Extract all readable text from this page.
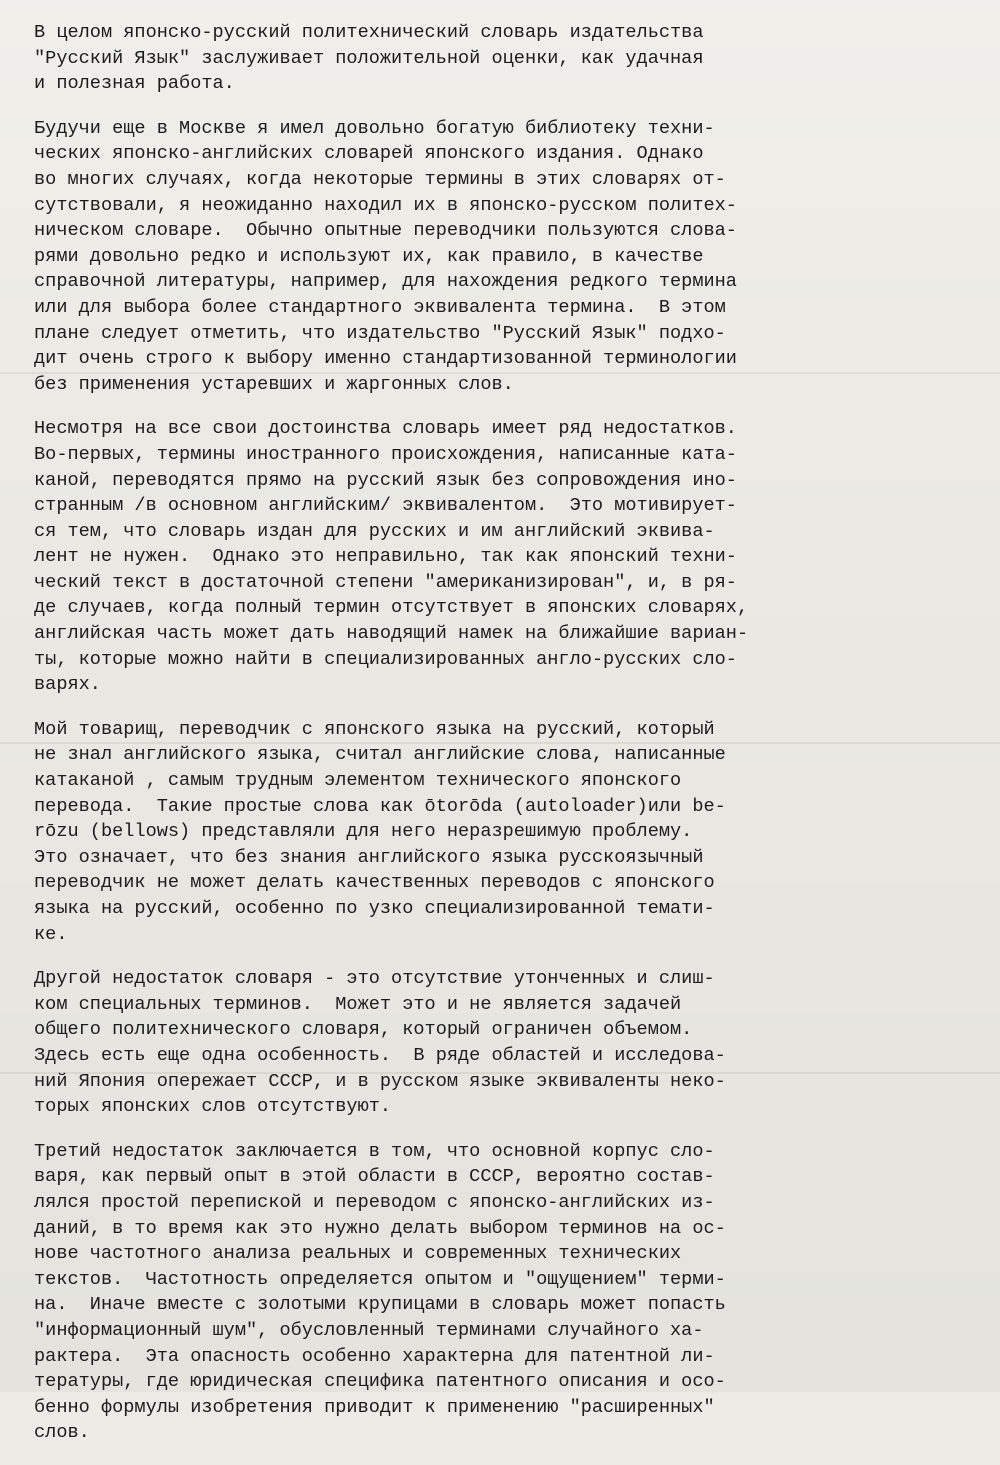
В целом японско-русский политехнический словарь издательства
"Русский Язык" заслуживает положительной оценки, как удачная
и полезная работа.
Будучи еще в Москве я имел довольно богатую библиотеку техни-
ческих японско-английских словарей японского издания. Однако
во многих случаях, когда некоторые термины в этих словарях от-
сутствовали, я неожиданно находил их в японско-русском политех-
ническом словаре.  Обычно опытные переводчики пользуются слова-
рями довольно редко и используют их, как правило, в качестве
справочной литературы, например, для нахождения редкого термина
или для выбора более стандартного эквивалента термина.  В этом
плане следует отметить, что издательство "Русский Язык" подхо-
дит очень строго к выбору именно стандартизованной терминологии
без применения устаревших и жаргонных слов.
Несмотря на все свои достоинства словарь имеет ряд недостатков.
Во-первых, термины иностранного происхождения, написанные ката-
каной, переводятся прямо на русский язык без сопровождения ино-
странным /в основном английским/ эквивалентом.  Это мотивирует-
ся тем, что словарь издан для русских и им английский эквива-
лент не нужен.  Однако это неправильно, так как японский техни-
ческий текст в достаточной степени "американизирован", и, в ря-
де случаев, когда полный термин отсутствует в японских словарях,
английская часть может дать наводящий намек на ближайшие вариан-
ты, которые можно найти в специализированных англо-русских сло-
варях.
Мой товарищ, переводчик с японского языка на русский, который
не знал английского языка, считал английские слова, написанные
катаканой , самым трудным элементом технического японского
перевода.  Такие простые слова как ōtorōda (autoloader)или be-
rōzu (bellows) представляли для него неразрешимую проблему.
Это означает, что без знания английского языка русскоязычный
переводчик не может делать качественных переводов с японского
языка на русский, особенно по узко специализированной темати-
ке.
Другой недостаток словаря - это отсутствие утонченных и слиш-
ком специальных терминов.  Может это и не является задачей
общего политехнического словаря, который ограничен объемом.
Здесь есть еще одна особенность.  В ряде областей и исследова-
ний Япония опережает СССР, и в русском языке эквиваленты неко-
торых японских слов отсутствуют.
Третий недостаток заключается в том, что основной корпус сло-
варя, как первый опыт в этой области в СССР, вероятно состав-
лялся простой перепиской и переводом с японско-английских из-
даний, в то время как это нужно делать выбором терминов на ос-
нове частотного анализа реальных и современных технических
текстов.  Частотность определяется опытом и "ощущением" терми-
на.  Иначе вместе с золотыми крупицами в словарь может попасть
"информационный шум", обусловленный терминами случайного ха-
рактера.  Эта опасность особенно характерна для патентной ли-
тературы, где юридическая специфика патентного описания и осо-
бенно формулы изобретения приводит к применению "расширенных"
слов.
